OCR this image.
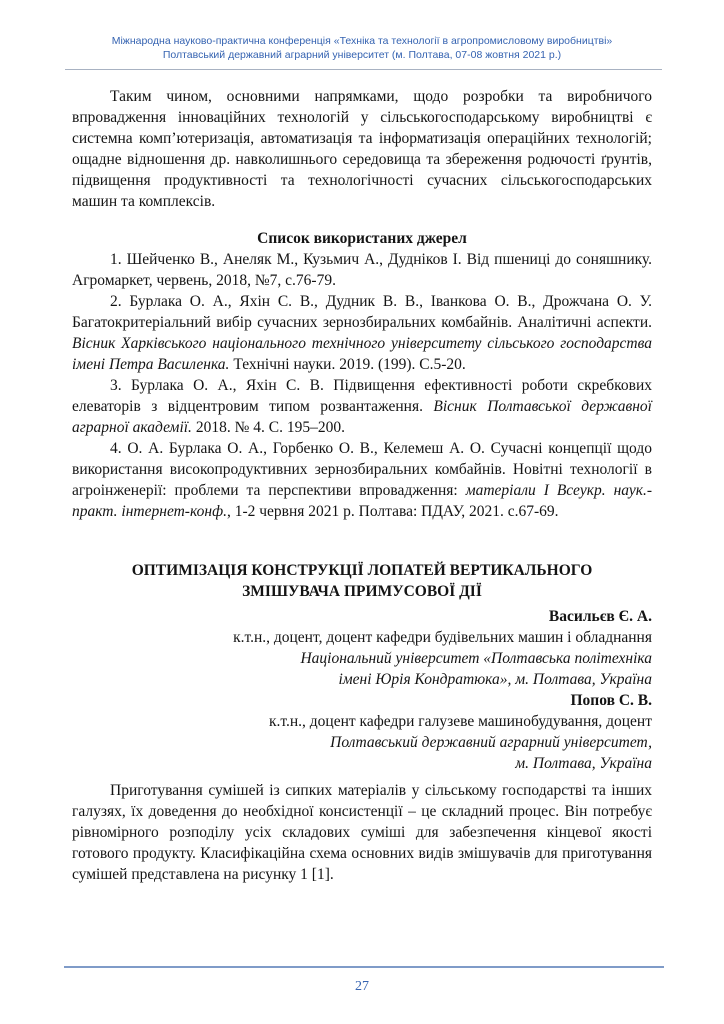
Міжнародна науково-практична конференція «Техніка та технології в агропромисловому виробництві»
Полтавський державний аграрний університет (м. Полтава, 07-08 жовтня 2021 р.)

Таким чином, основними напрямками, щодо розробки та виробничого впровадження інноваційних технологій у сільськогосподарському виробництві є системна комп’ютеризація, автоматизація та інформатизація операційних технологій; ощадне відношення др. навколишнього середовища та збереження родючості ґрунтів, підвищення продуктивності та технологічності сучасних сільськогосподарських машин та комплексів.

Список використаних джерел

1. Шейченко В., Анеляк М., Кузьмич А., Дудніков І. Від пшениці до соняшнику. Агромаркет, червень, 2018, №7, с.76-79.

2. Бурлака О. А., Яхін С. В., Дудник В. В., Іванкова О. В., Дрожчана О. У. Багатокритеріальний вибір сучасних зернозбиральних комбайнів. Аналітичні аспекти. Вісник Харківського національного технічного університету сільського господарства імені Петра Василенка. Технічні науки. 2019. (199). С.5-20.

3. Бурлака О. А., Яхін С. В. Підвищення ефективності роботи скребкових елеваторів з відцентровим типом розвантаження. Вісник Полтавської державної аграрної академії. 2018. № 4. С. 195–200.

4. О. А. Бурлака О. А., Горбенко О. В., Келемеш А. О. Сучасні концепції щодо використання високопродуктивних зернозбиральних комбайнів. Новітні технології в агроінженерії: проблеми та перспективи впровадження: матеріали І Всеукр. наук.-практ. інтернет-конф., 1-2 червня 2021 р. Полтава: ПДАУ, 2021. с.67-69.

ОПТИМІЗАЦІЯ КОНСТРУКЦІЇ ЛОПАТЕЙ ВЕРТИКАЛЬНОГО
ЗМІШУВАЧА ПРИМУСОВОЇ ДІЇ
Васильєв Є. А.
к.т.н., доцент, доцент кафедри будівельних машин і обладнання
Національний університет «Полтавська політехніка
імені Юрія Кондратюка», м. Полтава, Україна
Попов С. В.
к.т.н., доцент кафедри галузеве машинобудування, доцент
Полтавський державний аграрний університет,
м. Полтава, Україна

Приготування сумішей із сипких матеріалів у сільському господарстві та інших галузях, їх доведення до необхідної консистенції – це складний процес. Він потребує рівномірного розподілу усіх складових суміші для забезпечення кінцевої якості готового продукту. Класифікаційна схема основних видів змішувачів для приготування сумішей представлена на рисунку 1 [1].

27
